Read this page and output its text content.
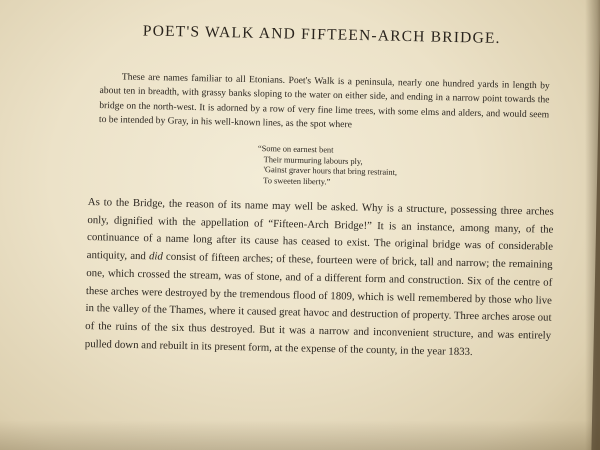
POET'S WALK AND FIFTEEN-ARCH BRIDGE.

These are names familiar to all Etonians. Poet's Walk is a peninsula, nearly one hundred yards in length by about ten in breadth, with grassy banks sloping to the water on either side, and ending in a narrow point towards the bridge on the north-west. It is adorned by a row of very fine lime trees, with some elms and alders, and would seem to be intended by Gray, in his well-known lines, as the spot where

“Some on earnest bent
Their murmuring labours ply,
'Gainst graver hours that bring restraint,
To sweeten liberty.”

As to the Bridge, the reason of its name may well be asked. Why is a structure, possessing three arches only, dignified with the appellation of “Fifteen-Arch Bridge!” It is an instance, among many, of the continuance of a name long after its cause has ceased to exist. The original bridge was of considerable antiquity, and did consist of fifteen arches; of these, fourteen were of brick, tall and narrow; the remaining one, which crossed the stream, was of stone, and of a different form and construction. Six of the centre of these arches were destroyed by the tremendous flood of 1809, which is well remembered by those who live in the valley of the Thames, where it caused great havoc and destruction of property. Three arches arose out of the ruins of the six thus destroyed. But it was a narrow and inconvenient structure, and was entirely pulled down and rebuilt in its present form, at the expense of the county, in the year 1833.
